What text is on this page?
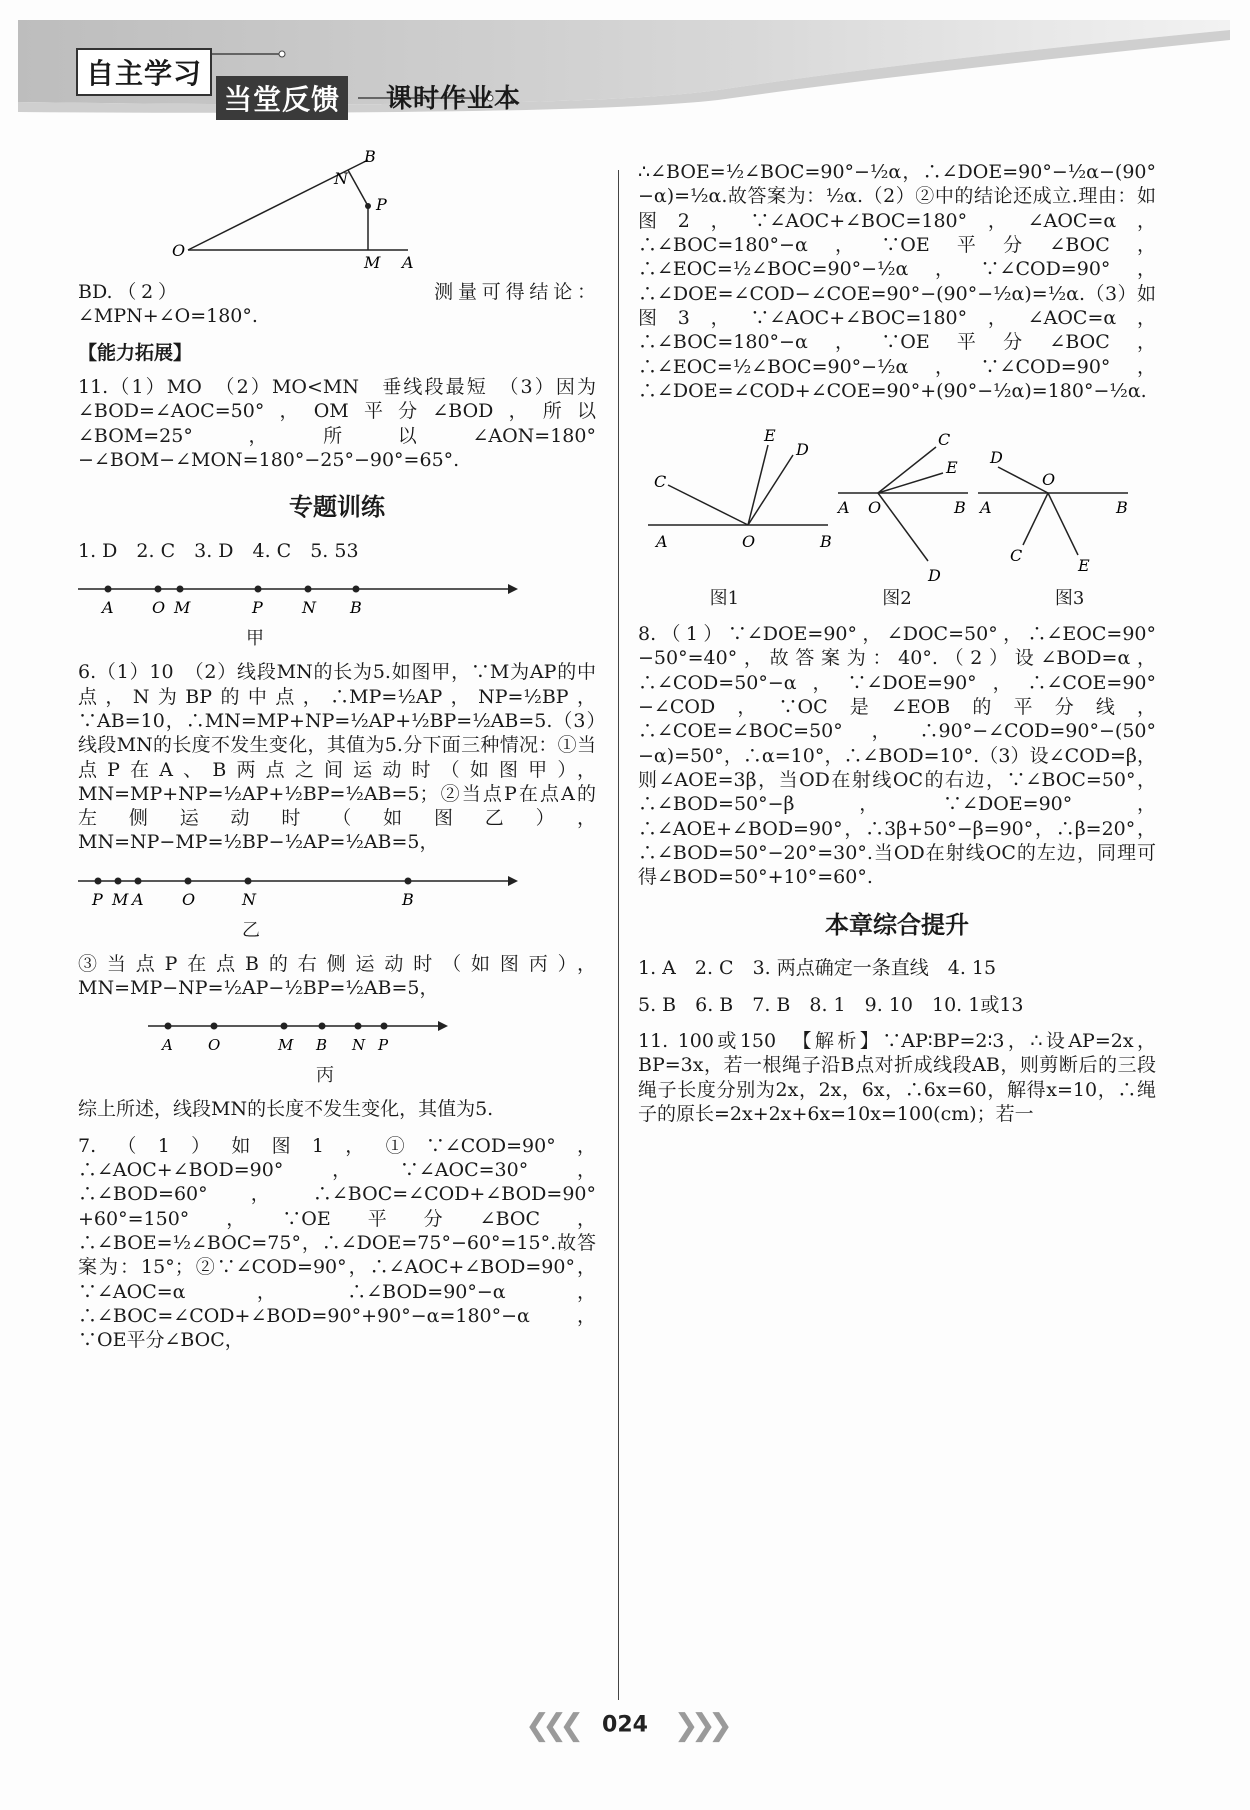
自主学习
当堂反馈	课时作业本
B
N
P
O
M A

BD.（2）　　　　　　　　　　　测量可得结论：∠MPN+∠O=180°.

【能力拓展】

11.（1）MO　（2）MO<MN　垂线段最短　（3）因为∠BOD=∠AOC=50°，OM平分∠BOD，所以∠BOM=25°，所以∠AON=180°−∠BOM−∠MON=180°−25°−90°=65°.

专题训练

1. D　2. C　3. D　4. C　5. 53

A O M	P N B
甲

6.（1）10　（2）线段MN的长为5.如图甲，∵M为AP的中点，N为BP的中点，∴MP=½AP，NP=½BP，∵AB=10，∴MN=MP+NP=½AP+½BP=½AB=5.（3）线段MN的长度不发生变化，其值为5.分下面三种情况：①当点P在A、B两点之间运动时（如图甲），MN=MP+NP=½AP+½BP=½AB=5；②当点P在点A的左侧运动时（如图乙），MN=NP−MP=½BP−½AP=½AB=5，

P M A O	N	B
乙

③当点P在点B的右侧运动时（如图丙），MN=MP−NP=½AP−½BP=½AB=5，

A O	M B N P
丙

综上所述，线段MN的长度不发生变化，其值为5.

7.（1）如图1，①∵∠COD=90°，∴∠AOC+∠BOD=90°，∵∠AOC=30°，∴∠BOD=60°，∴∠BOC=∠COD+∠BOD=90°+60°=150°，∵OE平分∠BOC，∴∠BOE=½∠BOC=75°，∴∠DOE=75°−60°=15°.故答案为：15°；②∵∠COD=90°，∴∠AOC+∠BOD=90°，∵∠AOC=α，∴∠BOD=90°−α，∴∠BOC=∠COD+∠BOD=90°+90°−α=180°−α，∵OE平分∠BOC，

∴∠BOE=½∠BOC=90°−½α，∴∠DOE=90°−½α−(90°−α)=½α.故答案为：½α.（2）②中的结论还成立.理由：如图2，∵∠AOC+∠BOC=180°，∠AOC=α，∴∠BOC=180°−α，∵OE平分∠BOC，∴∠EOC=½∠BOC=90°−½α，∵∠COD=90°，∴∠DOE=∠COD−∠COE=90°−(90°−½α)=½α.（3）如图3，∵∠AOC+∠BOC=180°，∠AOC=α，∴∠BOC=180°−α，∵OE平分∠BOC，∴∠EOC=½∠BOC=90°−½α，∵∠COD=90°，∴∠DOE=∠COD+∠COE=90°+(90°−½α)=180°−½α.

E
D
C
A	O	B
C
E
A O	B
D
D
O
A	B
C
E
图1	图2	图3

8.（1）∵∠DOE=90°，∠DOC=50°，∴∠EOC=90°−50°=40°，故答案为：40°.（2）设∠BOD=α，∴∠COD=50°−α，∵∠DOE=90°，∴∠COE=90°−∠COD，∵OC是∠EOB的平分线，∴∠COE=∠BOC=50°，∴90°−∠COD=90°−(50°−α)=50°，∴α=10°，∴∠BOD=10°.（3）设∠COD=β，则∠AOE=3β，当OD在射线OC的右边，∵∠BOC=50°，∴∠BOD=50°−β，∵∠DOE=90°，∴∠AOE+∠BOD=90°，∴3β+50°−β=90°，∴β=20°，∴∠BOD=50°−20°=30°.当OD在射线OC的左边，同理可得∠BOD=50°+10°=60°.

本章综合提升

1. A　2. C　3. 两点确定一条直线　4. 15

5. B　6. B　7. B　8. 1　9. 10　10. 1或13

11. 100或150　【解析】∵AP∶BP=2∶3，∴设AP=2x，BP=3x，若一根绳子沿B点对折成线段AB，则剪断后的三段绳子长度分别为2x，2x，6x，∴6x=60，解得x=10，∴绳子的原长=2x+2x+6x=10x=100(cm)；若一

❮❮❮ 024 ❯❯❯
